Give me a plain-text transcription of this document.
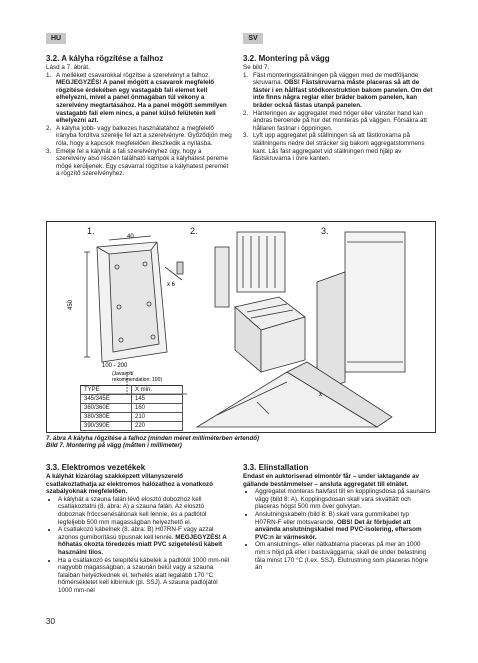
HU	SV
3.2. A kályha rögzítése a falhoz

Lásd a 7. ábrát.

1. A mellékelt csavarokkal rögzítse a szerelvényt a falhoz. MEGJEGYZÉS! A panel mögött a csavarok megfelelő rögzítése érdekében egy vastagabb fali elemet kell elhelyezni, mivel a panel önmagában túl vékony a szerelvény megtartásához. Ha a panel mögött semmilyen vastagabb fali elem nincs, a panel külső felületén kell elhelyezni azt.
2. A kályha jobb- vagy balkezes használatához a megfelelő irányba fordítva szerelje fel azt a szerelvényre. Győződjön meg róla, hogy a kapcsok megfelelően illeszkedik a nyílásba.
3. Emelje fel a kályhát a fali szerelvényhez úgy, hogy a szerelvény alsó részén található kampók a kályhatest pereme mögé kerüljenek. Egy csavarral rögzítse a kályhatest peremét a rögzítő szerelvényhez.
3.2. Montering på vägg

Se bild 7.

1. Fäst monteringsställningen på väggen med de medföljande skruvarna. OBS! Fästskruvarna måste placeras så att de fäster i en hållfast stödkonstruktion bakom panelen. Om det inte finns några reglar eller bräder bakom panelen, kan bräder också fästas utanpå panelen.
2. Hänteringen av aggregatet med höger eller vänster hand kan ändras beroende på hur det monteras på väggen. Försäkra att hållaren fastnar i öppningen.
3. Lyft upp aggregatet på ställningen så att fästkrokarna på ställningens nedre del sträcker sig bakom aggregatstommens kant. Lås fast aggregatet vid ställningen med hjälp av fästskruvarna i övre kanten.
450
40
x 6
100 - 200
(Javasolt/
rekommendation: 100)
x
1.	2.	3.
TYPE	X min.
345/345E	145
360/360E	160
380/380E	210
390/390E	220
7. ábra A kályha rögzítése a falhoz (minden méret milliméterben értendő)
Bild 7. Montering på vägg (måtten i millimeter)
3.3. Elektromos vezetékek

A kályhát kizárólag szakképzett villanyszerelő csatlakoztathatja az elektromos hálózathoz a vonatkozó szabályoknak megfelelően.

• A kályhát a szauna falán lévő elosztó dobozhoz kell csatlakoztatni (8. ábra: A) a szauna falán. Az elosztó doboznak fröccsenésállónak kell lennie, és a padlótól legfeljebb 500 mm magasságban helyezhető el.
• A csatlakozó kábelnek (8. ábra: B) H07RN-F vagy azzal azonos gumiborítású típusnak kell lennie. MEGJEGYZÉS! A hőhatás okozta töredezés miatt PVC szigetelésű kábelt használni tilos.
• Ha a csatlakozó és telepítési kábelek a padlótól 1000 mm-nél nagyobb magasságban, a szaunán belül vagy a szauna falaiban helyezkednek el, terhelés alatt legalább 170 °C hőmérsékletet kell kibírniuk (pl. SSJ). A szauna padlójától 1000 mm-nél
3.3. Elinstallation

Endast en auktoriserad elmontör får – under iaktagande av gällande bestämmelser – ansluta aggregatet till elnätet.

• Aggregatet monteras halvfast till en kopplingsdosa på saunans vägg (bild 8: A). Kopplingsdosan skall vara skvättätt och placeras högst 500 mm över golvytan.
• Anslutningskabeln (bild 8: B) skall vara gummikabel typ H07RN-F eller motsvarande. OBS! Det är förbjudet att använda anslutningskabel med PVC-isolering, eftersom PVC:n är värmeskör.
• Om anslutnings- eller nätkablarna placeras på mer än 1000 mm:s höjd på eller i bastuväggarna, skall de under belastning tåla minst 170 °C (t.ex. SSJ). Elutrustning som placeras högre än
30
